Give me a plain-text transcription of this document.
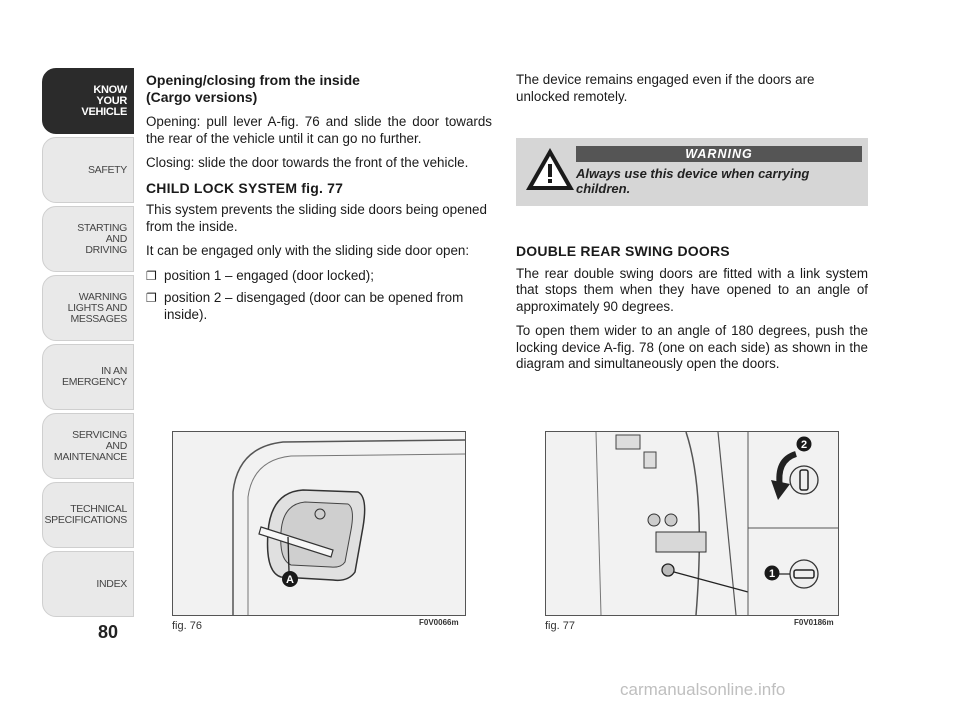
KNOW
YOUR
VEHICLE
SAFETY
STARTING
AND
DRIVING
WARNING
LIGHTS AND
MESSAGES
IN AN
EMERGENCY
SERVICING
AND
MAINTENANCE
TECHNICAL
SPECIFICATIONS
INDEX
80
Opening/closing from the inside
(Cargo versions)

Opening: pull lever A-fig. 76 and slide the door towards the rear of the vehicle until it can go no further.

Closing: slide the door towards the front of the vehicle.

CHILD LOCK SYSTEM fig. 77

This system prevents the sliding side doors being opened from the inside.

It can be engaged only with the sliding side door open:

❐ position 1 – engaged (door locked);
❐ position 2 – disengaged (door can be opened from inside).

The device remains engaged even if the doors are unlocked remotely.

WARNING
Always use this device when carrying children.
DOUBLE REAR SWING DOORS

The rear double swing doors are fitted with a link system that stops them when they have opened to an angle of approximately 90 degrees.

To open them wider to an angle of 180 degrees, push the locking device A-fig. 78 (one on each side) as shown in the diagram and simultaneously open the doors.

A
fig. 76	F0V0066m
2
1
fig. 77	F0V0186m
carmanualsonline.info
